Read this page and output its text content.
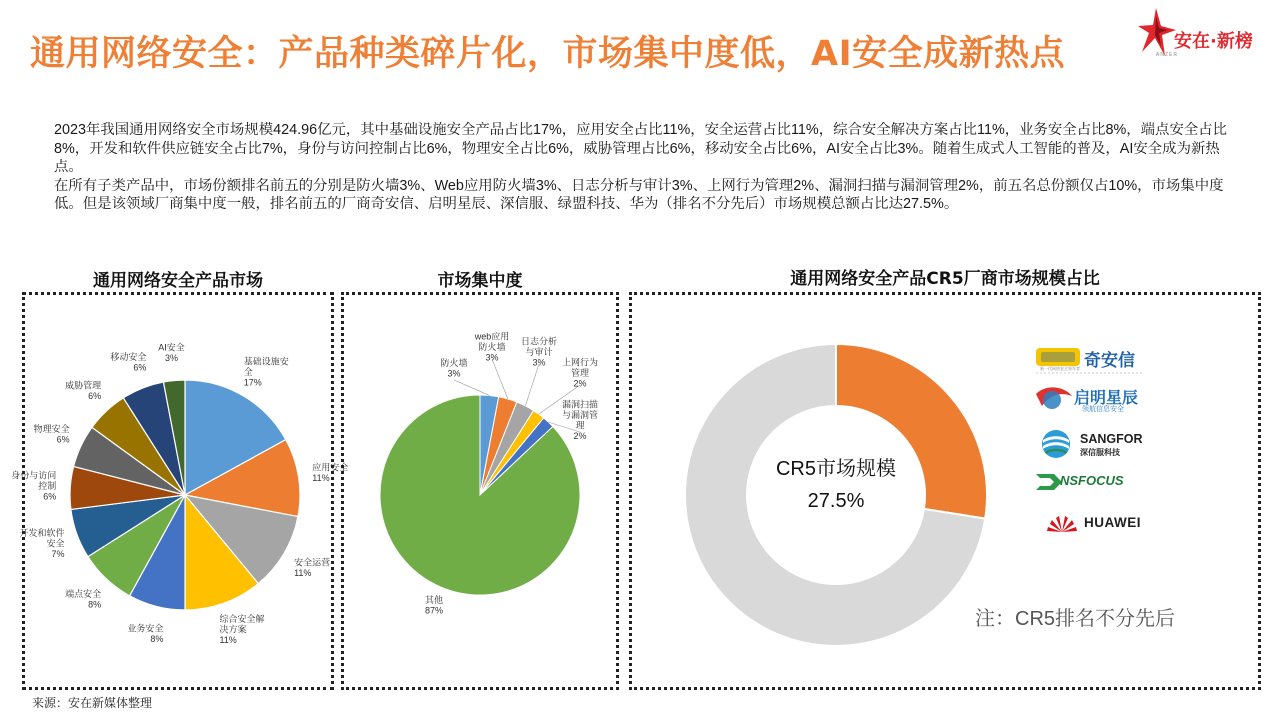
通用网络安全：产品种类碎片化，市场集中度低，AI安全成新热点	安在·新榜
ANZER

2023年我国通用网络安全市场规模424.96亿元，其中基础设施安全产品占比17%，应用安全占比11%，安全运营占比11%，综合安全解决方案占比11%，业务安全占比8%，端点安全占比8%，开发和软件供应链安全占比7%，身份与访问控制占比6%，物理安全占比6%，威胁管理占比6%，移动安全占比6%，AI安全占比3%。随着生成式人工智能的普及，AI安全成为新热点。

在所有子类产品中，市场份额排名前五的分别是防火墙3%、Web应用防火墙3%、日志分析与审计3%、上网行为管理2%、漏洞扫描与漏洞管理2%，前五名总份额仅占10%，市场集中度低。但是该领域厂商集中度一般，排名前五的厂商奇安信、启明星辰、深信服、绿盟科技、华为（排名不分先后）市场规模总额占比达27.5%。

通用网络安全产品市场	市场集中度	通用网络安全产品CR5厂商市场规模占比
基础设施安
全
17%
应用安全
11%
安全运营
11%
综合安全解
决方案
11%
业务安全
8%
端点安全
8%
开发和软件
安全
7%
身份与访问
控制
6%
物理安全
6%
威胁管理
6%
移动安全
6%
AI安全
3%	防火墙
3%
web应用
防火墙
3%
日志分析
与审计
3% 上网行为
管理
2%
漏洞扫描
与漏洞管
理
2%
其他
87%
CR5市场规模
27.5%
奇安信
新一代网络安全领军者
启明星辰
领航信息安全
SANGFOR
深信服科技
NSFOCUS
HUAWEI
注：CR5排名不分先后
来源：安在新媒体整理
